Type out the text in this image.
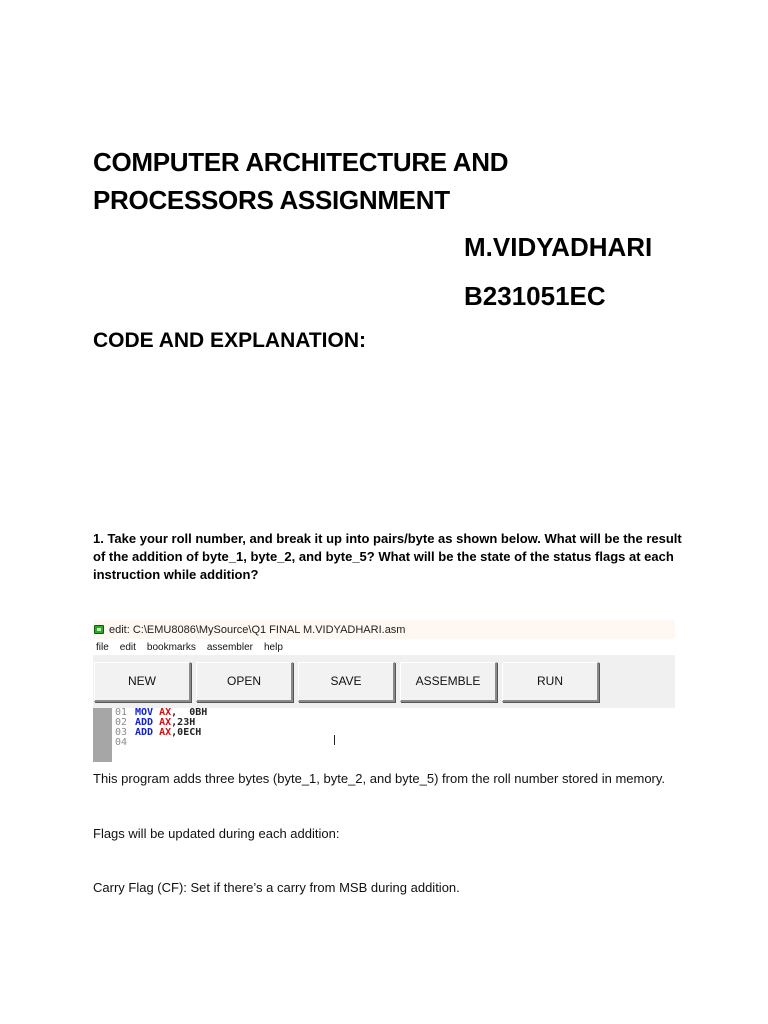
COMPUTER ARCHITECTURE AND
PROCESSORS ASSIGNMENT
M.VIDYADHARI
B231051EC
CODE AND EXPLANATION:
1. Take your roll number, and break it up into pairs/byte as shown below. What will be the result of the addition of byte_1, byte_2, and byte_5? What will be the state of the status flags at each instruction while addition?
edit: C:\EMU8086\MySource\Q1 FINAL M.VIDYADHARI.asm
file edit bookmarks assembler help
NEW	OPEN	SAVE	ASSEMBLE	RUN
01 MOV
AX , 0BH
02 ADD
AX , 23H
03 ADD
AX , 0ECH
04
This program adds three bytes (byte_1, byte_2, and byte_5) from the roll number stored in memory.
Flags will be updated during each addition:
Carry Flag (CF): Set if there’s a carry from MSB during addition.
